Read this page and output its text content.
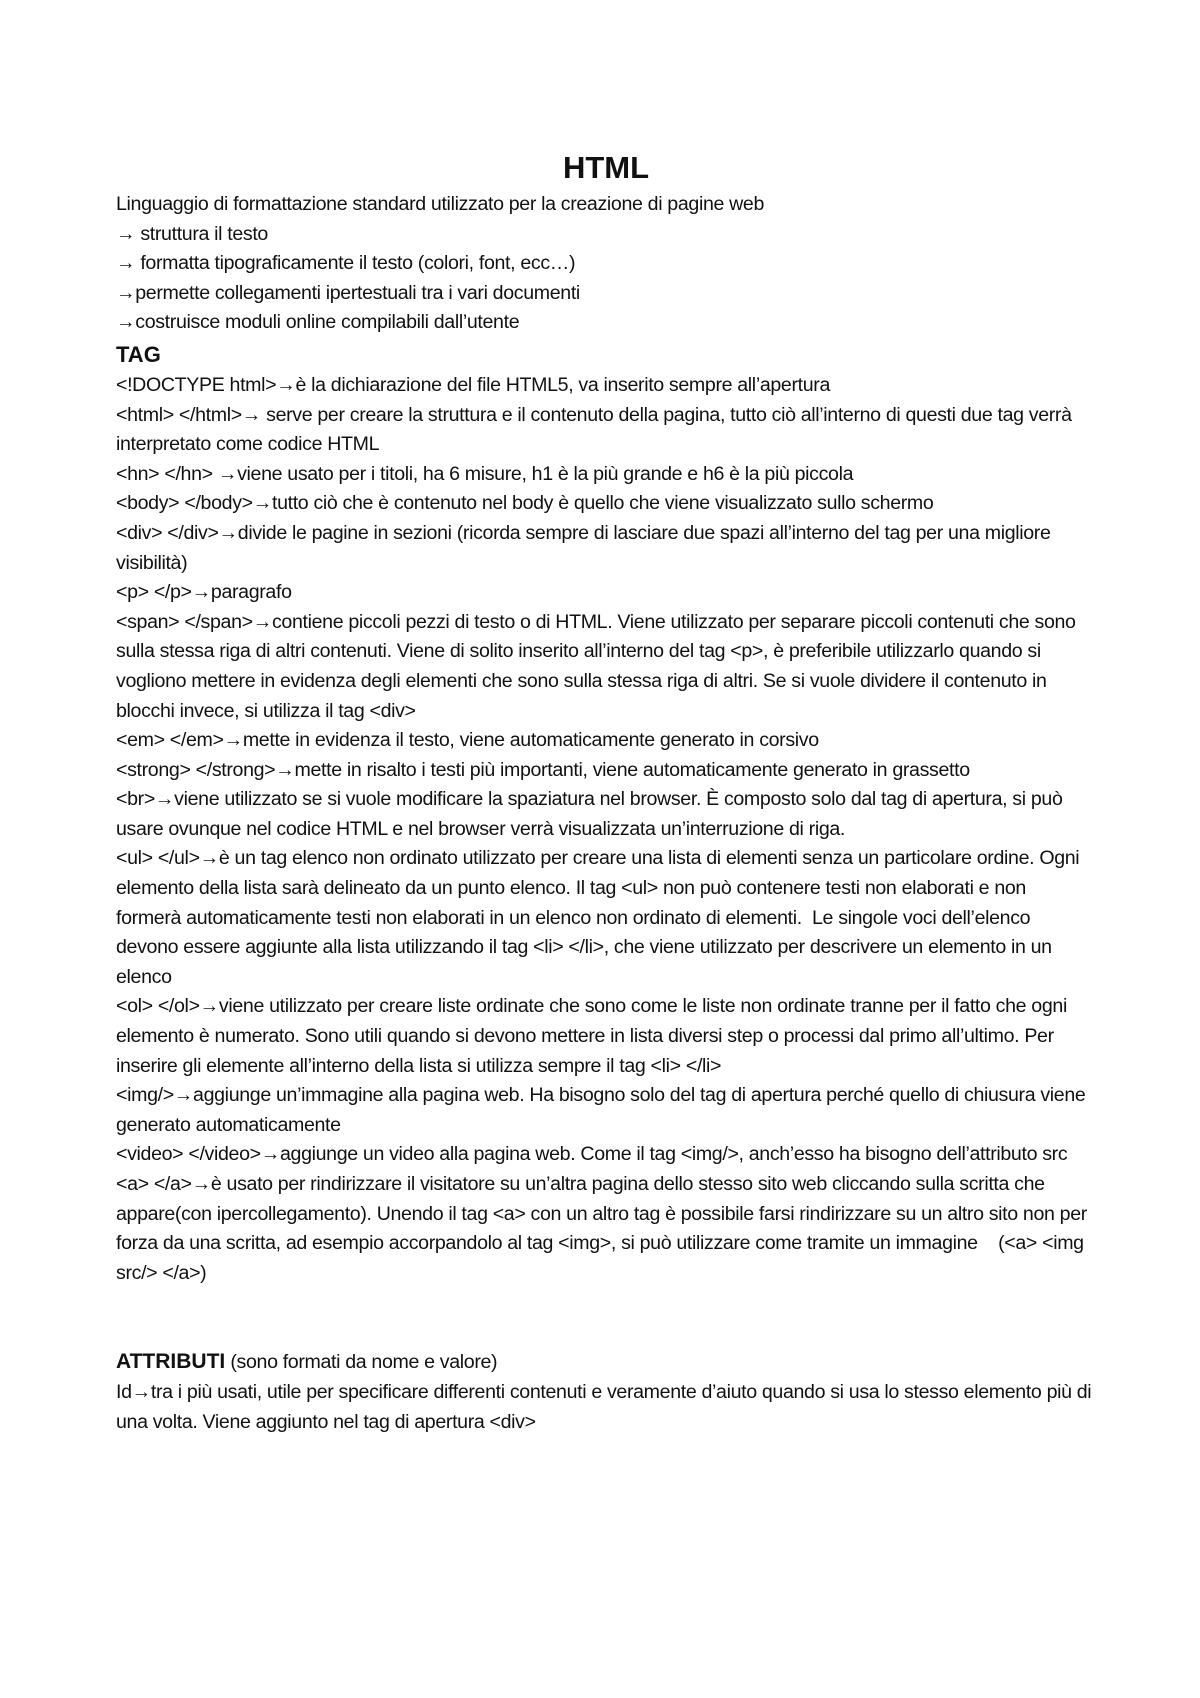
HTML

Linguaggio di formattazione standard utilizzato per la creazione di pagine web

→ struttura il testo

→ formatta tipograficamente il testo (colori, font, ecc…)

→permette collegamenti ipertestuali tra i vari documenti

→costruisce moduli online compilabili dall’utente

TAG

<!DOCTYPE html>→è la dichiarazione del file HTML5, va inserito sempre all’apertura

<html> </html>→ serve per creare la struttura e il contenuto della pagina, tutto ciò all’interno di questi due tag verrà interpretato come codice HTML

<hn> </hn> →viene usato per i titoli, ha 6 misure, h1 è la più grande e h6 è la più piccola

<body> </body>→tutto ciò che è contenuto nel body è quello che viene visualizzato sullo schermo

<div> </div>→divide le pagine in sezioni (ricorda sempre di lasciare due spazi all’interno del tag per una migliore visibilità)

<p> </p>→paragrafo

<span> </span>→contiene piccoli pezzi di testo o di HTML. Viene utilizzato per separare piccoli contenuti che sono sulla stessa riga di altri contenuti. Viene di solito inserito all’interno del tag <p>, è preferibile utilizzarlo quando si vogliono mettere in evidenza degli elementi che sono sulla stessa riga di altri. Se si vuole dividere il contenuto in blocchi invece, si utilizza il tag <div>

<em> </em>→mette in evidenza il testo, viene automaticamente generato in corsivo

<strong> </strong>→mette in risalto i testi più importanti, viene automaticamente generato in grassetto

<br>→viene utilizzato se si vuole modificare la spaziatura nel browser. È composto solo dal tag di apertura, si può usare ovunque nel codice HTML e nel browser verrà visualizzata un’interruzione di riga.

<ul> </ul>→è un tag elenco non ordinato utilizzato per creare una lista di elementi senza un particolare ordine. Ogni elemento della lista sarà delineato da un punto elenco. Il tag <ul> non può contenere testi non elaborati e non formerà automaticamente testi non elaborati in un elenco non ordinato di elementi.  Le singole voci dell’elenco devono essere aggiunte alla lista utilizzando il tag <li> </li>, che viene utilizzato per descrivere un elemento in un elenco

<ol> </ol>→viene utilizzato per creare liste ordinate che sono come le liste non ordinate tranne per il fatto che ogni elemento è numerato. Sono utili quando si devono mettere in lista diversi step o processi dal primo all’ultimo. Per inserire gli elemente all’interno della lista si utilizza sempre il tag <li> </li>

<img/>→aggiunge un’immagine alla pagina web. Ha bisogno solo del tag di apertura perché quello di chiusura viene generato automaticamente

<video> </video>→aggiunge un video alla pagina web. Come il tag <img/>, anch’esso ha bisogno dell’attributo src

<a> </a>→è usato per rindirizzare il visitatore su un’altra pagina dello stesso sito web cliccando sulla scritta che appare(con ipercollegamento). Unendo il tag <a> con un altro tag è possibile farsi rindirizzare su un altro sito non per forza da una scritta, ad esempio accorpandolo al tag <img>, si può utilizzare come tramite un immagine    (<a> <img src/> </a>)

ATTRIBUTI (sono formati da nome e valore)

Id→tra i più usati, utile per specificare differenti contenuti e veramente d’aiuto quando si usa lo stesso elemento più di una volta. Viene aggiunto nel tag di apertura <div>
